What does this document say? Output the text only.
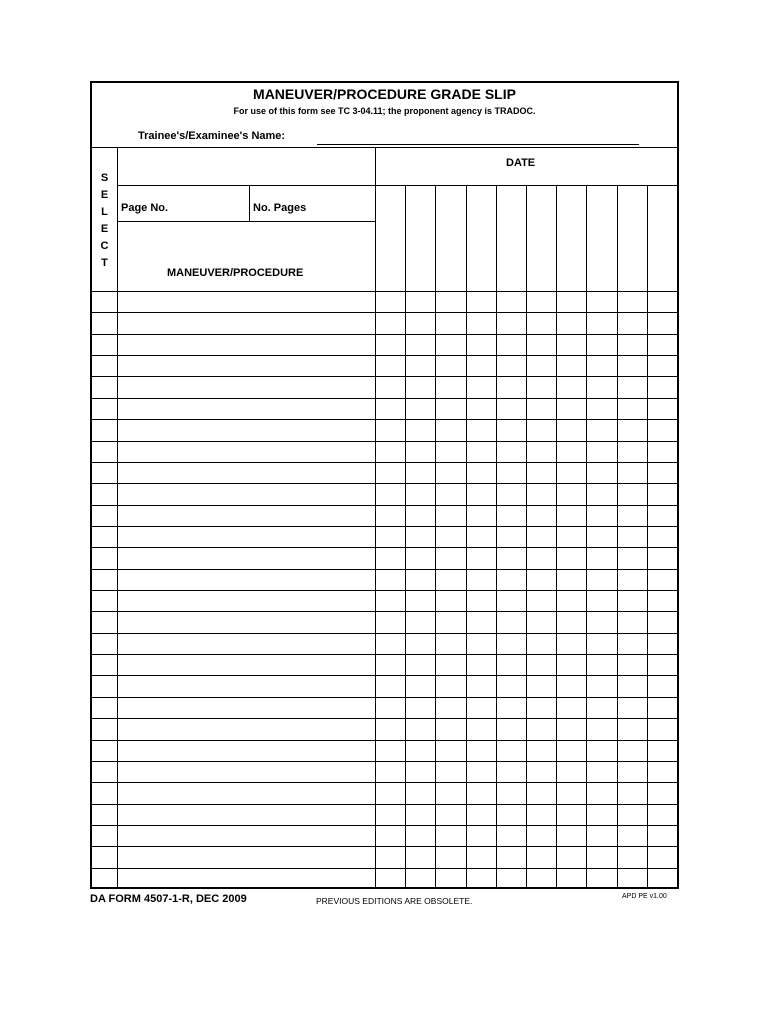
MANEUVER/PROCEDURE GRADE SLIP
For use of this form see TC 3-04.11; the proponent agency is TRADOC.
Trainee's/Examinee's Name:
S
E
L
E
C
T
DATE
Page No.	No. Pages
MANEUVER/PROCEDURE
DA FORM 4507-1-R, DEC 2009	PREVIOUS EDITIONS ARE OBSOLETE.	APD PE v1.00
